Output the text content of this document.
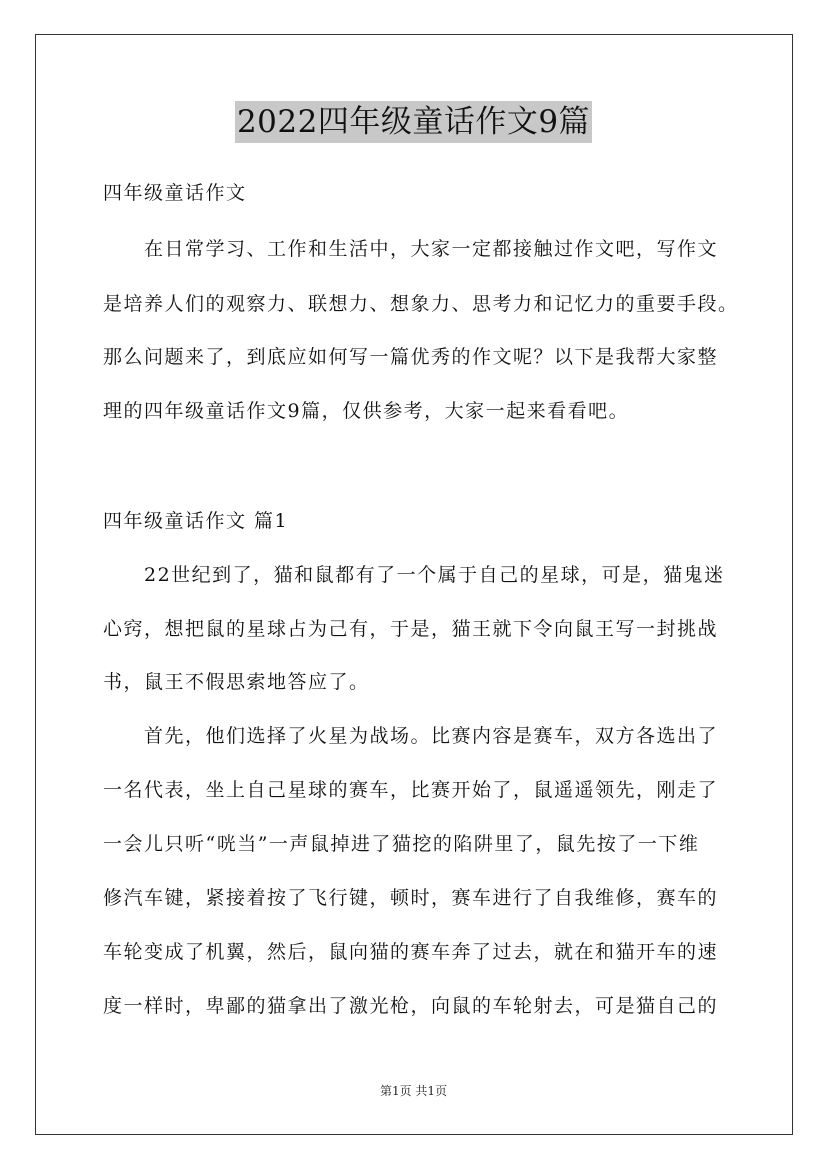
2022四年级童话作文9篇
四年级童话作文
在日常学习、工作和生活中，大家一定都接触过作文吧，写作文
是培养人们的观察力、联想力、想象力、思考力和记忆力的重要手段。
那么问题来了，到底应如何写一篇优秀的作文呢？以下是我帮大家整
理的四年级童话作文9篇，仅供参考，大家一起来看看吧。
四年级童话作文 篇1
22世纪到了，猫和鼠都有了一个属于自己的星球，可是，猫鬼迷
心窍，想把鼠的星球占为己有，于是，猫王就下令向鼠王写一封挑战
书，鼠王不假思索地答应了。
首先，他们选择了火星为战场。比赛内容是赛车，双方各选出了
一名代表，坐上自己星球的赛车，比赛开始了，鼠遥遥领先，刚走了
一会儿只听“咣当”一声鼠掉进了猫挖的陷阱里了，鼠先按了一下维
修汽车键，紧接着按了飞行键，顿时，赛车进行了自我维修，赛车的
车轮变成了机翼，然后，鼠向猫的赛车奔了过去，就在和猫开车的速
度一样时，卑鄙的猫拿出了激光枪，向鼠的车轮射去，可是猫自己的
第1页 共1页
